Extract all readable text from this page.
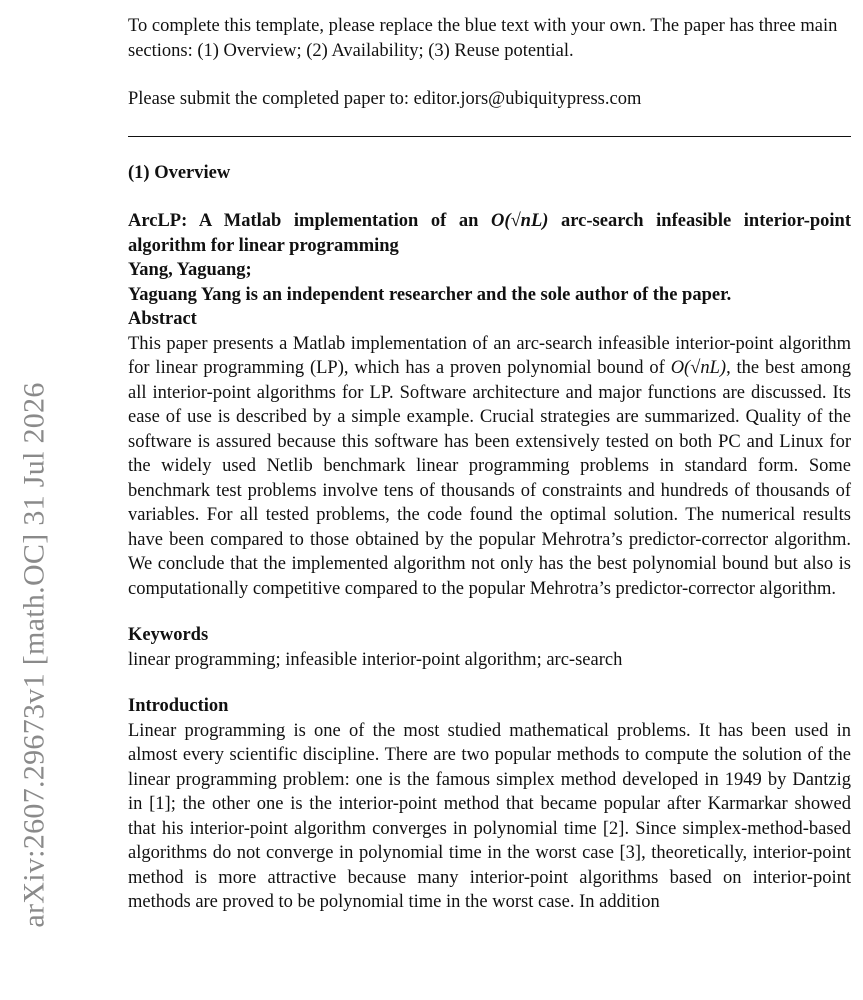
arXiv:2607.29673v1 [math.OC] 31 Jul 2026

To complete this template, please replace the blue text with your own. The paper has three main sections: (1) Overview; (2) Availability; (3) Reuse potential.

Please submit the completed paper to: editor.jors@ubiquitypress.com

(1) Overview
ArcLP: A Matlab implementation of an O(√nL) arc-search infeasible interior-point algorithm for linear programming
Yang, Yaguang;
Yaguang Yang is an independent researcher and the sole author of the paper.
Abstract

This paper presents a Matlab implementation of an arc-search infeasible interior-point algorithm for linear programming (LP), which has a proven polynomial bound of O(√nL), the best among all interior-point algorithms for LP. Software architecture and major functions are discussed. Its ease of use is described by a simple example. Crucial strategies are summarized. Quality of the software is assured because this software has been extensively tested on both PC and Linux for the widely used Netlib benchmark linear programming problems in standard form. Some benchmark test problems involve tens of thousands of constraints and hundreds of thousands of variables. For all tested problems, the code found the optimal solution. The numerical results have been compared to those obtained by the popular Mehrotra’s predictor-corrector algorithm. We conclude that the implemented algorithm not only has the best polynomial bound but also is computationally competitive compared to the popular Mehrotra’s predictor-corrector algorithm.

Keywords

linear programming; infeasible interior-point algorithm; arc-search

Introduction

Linear programming is one of the most studied mathematical problems. It has been used in almost every scientific discipline. There are two popular methods to compute the solution of the linear programming problem: one is the famous simplex method developed in 1949 by Dantzig in [1]; the other one is the interior-point method that became popular after Karmarkar showed that his interior-point algorithm converges in polynomial time [2]. Since simplex-method-based algorithms do not converge in polynomial time in the worst case [3], theoretically, interior-point method is more attractive because many interior-point algorithms based on interior-point methods are proved to be polynomial time in the worst case. In addition
